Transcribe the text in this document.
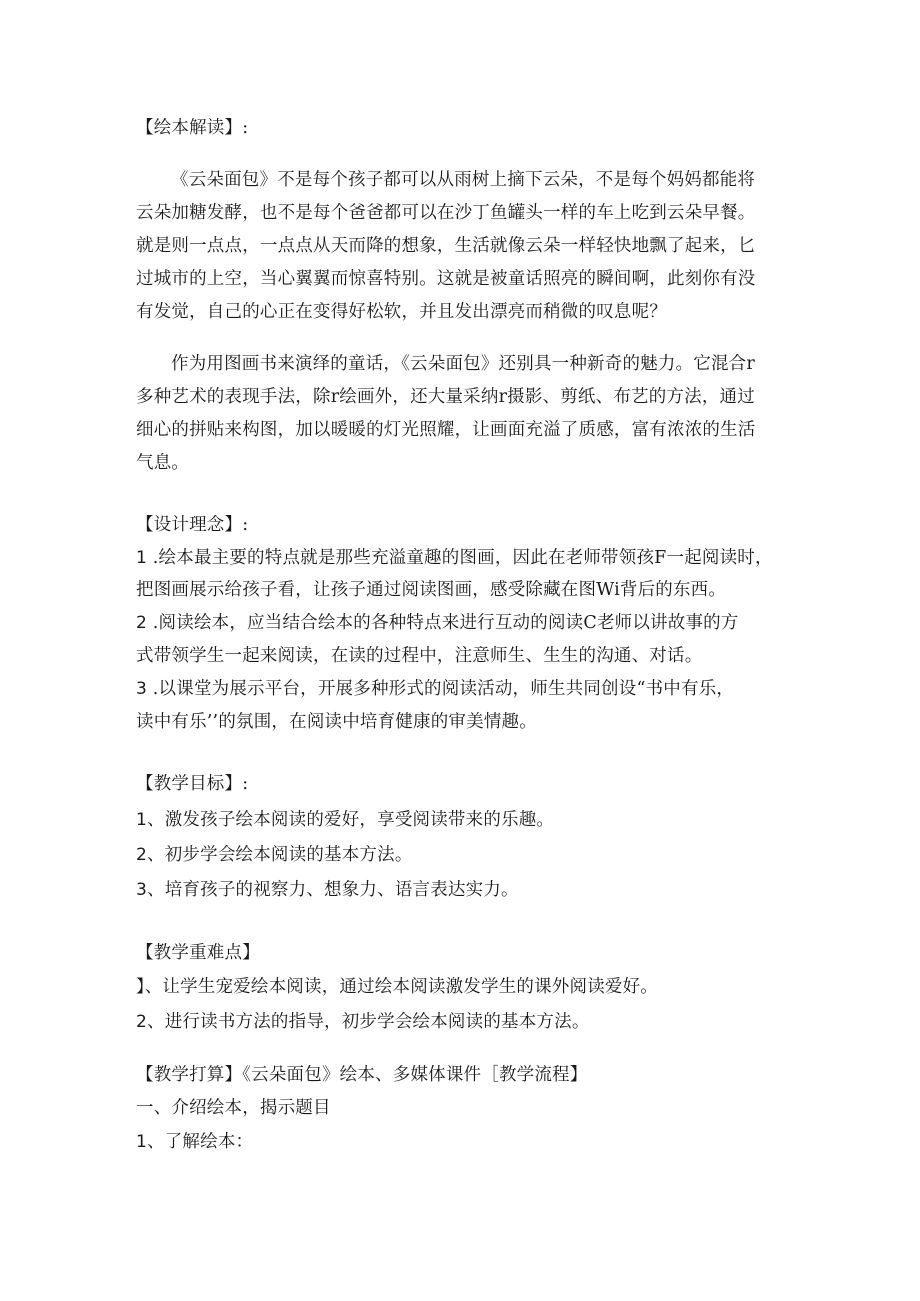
【绘本解读】:
《云朵面包》不是每个孩子都可以从雨树上摘下云朵，不是每个妈妈都能将
云朵加糖发酵，也不是每个爸爸都可以在沙丁鱼罐头一样的车上吃到云朵早餐。
就是则一点点，一点点从天而降的想象，生活就像云朵一样轻快地飘了起来，匕
过城市的上空，当心翼翼而惊喜特别。这就是被童话照亮的瞬间啊，此刻你有没
有发觉，自己的心正在变得好松软，并且发出漂亮而稍微的叹息呢？
作为用图画书来演绎的童话，《云朵面包》还别具一种新奇的魅力。它混合r
多种艺术的表现手法，除r绘画外，还大量采纳r摄影、剪纸、布艺的方法，通过
细心的拼贴来构图，加以暖暖的灯光照耀，让画面充溢了质感，富有浓浓的生活
气息。
【设计理念】:
1 .绘本最主要的特点就是那些充溢童趣的图画，因此在老师带领孩F一起阅读时，
把图画展示给孩子看，让孩子通过阅读图画，感受除藏在图Wi背后的东西。
2 .阅读绘本，应当结合绘本的各种特点来进行互动的阅读C老师以讲故事的方
式带领学生一起来阅读，在读的过程中，注意师生、生生的沟通、对话。
3 .以课堂为展示平台，开展多种形式的阅读活动，师生共同创设“书中有乐，
读中有乐’’的氛围，在阅读中培育健康的审美情趣。
【教学目标】:
1、激发孩子绘本阅读的爱好，享受阅读带来的乐趣。
2、初步学会绘本阅读的基本方法。
3、培育孩子的视察力、想象力、语言表达实力。
【教学重难点】
】、让学生宠爱绘本阅读，通过绘本阅读激发学生的课外阅读爱好。
2、进行读书方法的指导，初步学会绘本阅读的基本方法。
【教学打算】《云朵面包》绘本、多媒体课件［教学流程】
一、介绍绘本，揭示题目
1、了解绘本：
